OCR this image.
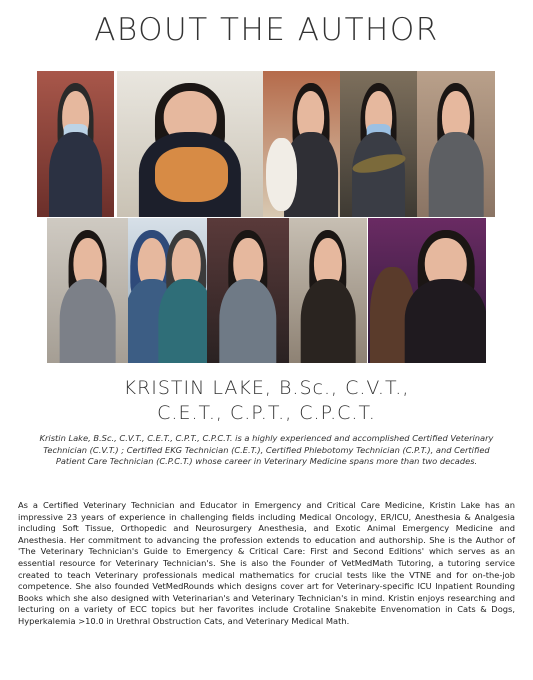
ABOUT THE AUTHOR
KRISTIN LAKE, B.Sc., C.V.T.,
C.E.T., C.P.T., C.P.C.T.
Kristin Lake, B.Sc., C.V.T., C.E.T., C.P.T., C.P.C.T. is a highly experienced and accomplished Certified Veterinary Technician (C.V.T.) ; Certified EKG Technician (C.E.T.), Certified Phlebotomy Technician (C.P.T.), and Certified Patient Care Technician (C.P.C.T.) whose career in Veterinary Medicine spans more than two decades.
As a Certified Veterinary Technician and Educator in Emergency and Critical Care Medicine, Kristin Lake has an impressive 23 years of experience in challenging fields including Medical Oncology, ER/ICU, Anesthesia & Analgesia including Soft Tissue, Orthopedic and Neurosurgery Anesthesia, and Exotic Animal Emergency Medicine and Anesthesia. Her commitment to advancing the profession extends to education and authorship. She is the Author of 'The Veterinary Technician's Guide to Emergency & Critical Care: First and Second Editions' which serves as an essential resource for Veterinary Technician's. She is also the Founder of VetMedMath Tutoring, a tutoring service created to teach Veterinary professionals medical mathematics for crucial tests like the VTNE and for on-the-job competence. She also founded VetMedRounds which designs cover art for Veterinary-specific ICU Inpatient Rounding Books which she also designed with Veterinarian's and Veterinary Technician's in mind. Kristin enjoys researching and lecturing on a variety of ECC topics but her favorites include Crotaline Snakebite Envenomation in Cats & Dogs, Hyperkalemia >10.0 in Urethral Obstruction Cats, and Veterinary Medical Math.
